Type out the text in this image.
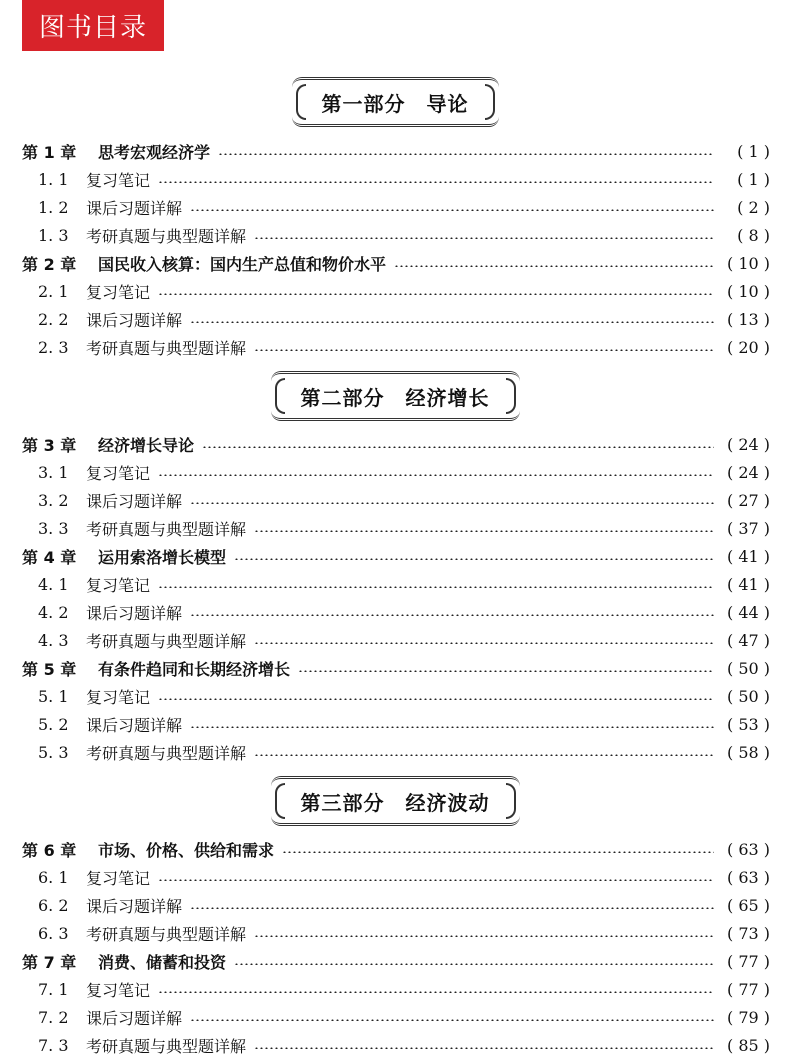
图书目录
第一部分　导论
第 1 章	思考宏观经济学	( 1 )
1. 1	复习笔记	( 1 )
1. 2	课后习题详解	( 2 )
1. 3	考研真题与典型题详解	( 8 )
第 2 章	国民收入核算：国内生产总值和物价水平	( 10 )
2. 1	复习笔记	( 10 )
2. 2	课后习题详解	( 13 )
2. 3	考研真题与典型题详解	( 20 )
第二部分　经济增长
第 3 章	经济增长导论	( 24 )
3. 1	复习笔记	( 24 )
3. 2	课后习题详解	( 27 )
3. 3	考研真题与典型题详解	( 37 )
第 4 章	运用索洛增长模型	( 41 )
4. 1	复习笔记	( 41 )
4. 2	课后习题详解	( 44 )
4. 3	考研真题与典型题详解	( 47 )
第 5 章	有条件趋同和长期经济增长	( 50 )
5. 1	复习笔记	( 50 )
5. 2	课后习题详解	( 53 )
5. 3	考研真题与典型题详解	( 58 )
第三部分　经济波动
第 6 章	市场、价格、供给和需求	( 63 )
6. 1	复习笔记	( 63 )
6. 2	课后习题详解	( 65 )
6. 3	考研真题与典型题详解	( 73 )
第 7 章	消费、储蓄和投资	( 77 )
7. 1	复习笔记	( 77 )
7. 2	课后习题详解	( 79 )
7. 3	考研真题与典型题详解	( 85 )
